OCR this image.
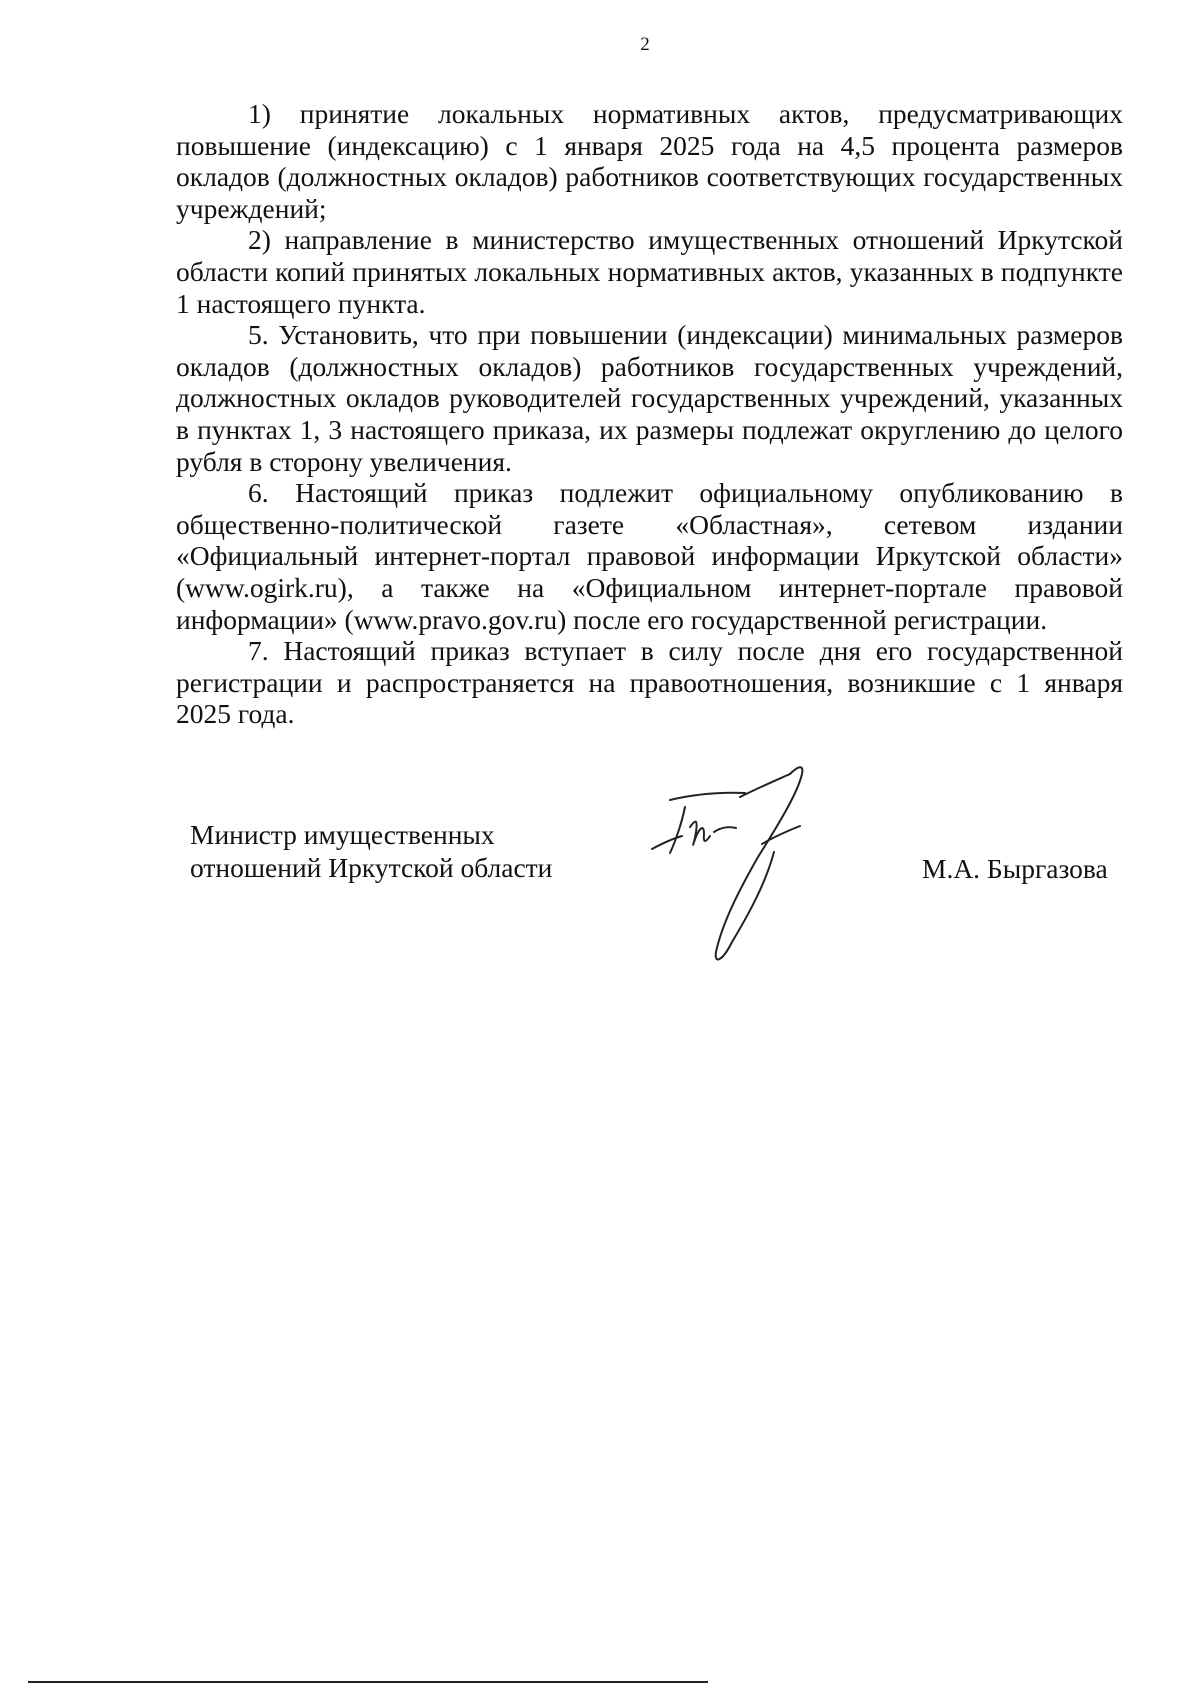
2

1) принятие локальных нормативных актов, предусматривающих повышение (индексацию) с 1 января 2025 года на 4,5 процента размеров окладов (должностных окладов) работников соответствующих государственных учреждений;

2) направление в министерство имущественных отношений Иркутской области копий принятых локальных нормативных актов, указанных в подпункте 1 настоящего пункта.

5. Установить, что при повышении (индексации) минимальных размеров окладов (должностных окладов) работников государственных учреждений, должностных окладов руководителей государственных учреждений, указанных в пунктах 1, 3 настоящего приказа, их размеры подлежат округлению до целого рубля в сторону увеличения.

6. Настоящий приказ подлежит официальному опубликованию в общественно-политической газете «Областная», сетевом издании «Официальный интернет-портал правовой информации Иркутской области» (www.ogirk.ru), а также на «Официальном интернет-портале правовой информации» (www.pravo.gov.ru) после его государственной регистрации.

7. Настоящий приказ вступает в силу после дня его государственной регистрации и распространяется на правоотношения, возникшие с 1 января 2025 года.

Министр имущественных
отношений Иркутской области	М.А. Быргазова
